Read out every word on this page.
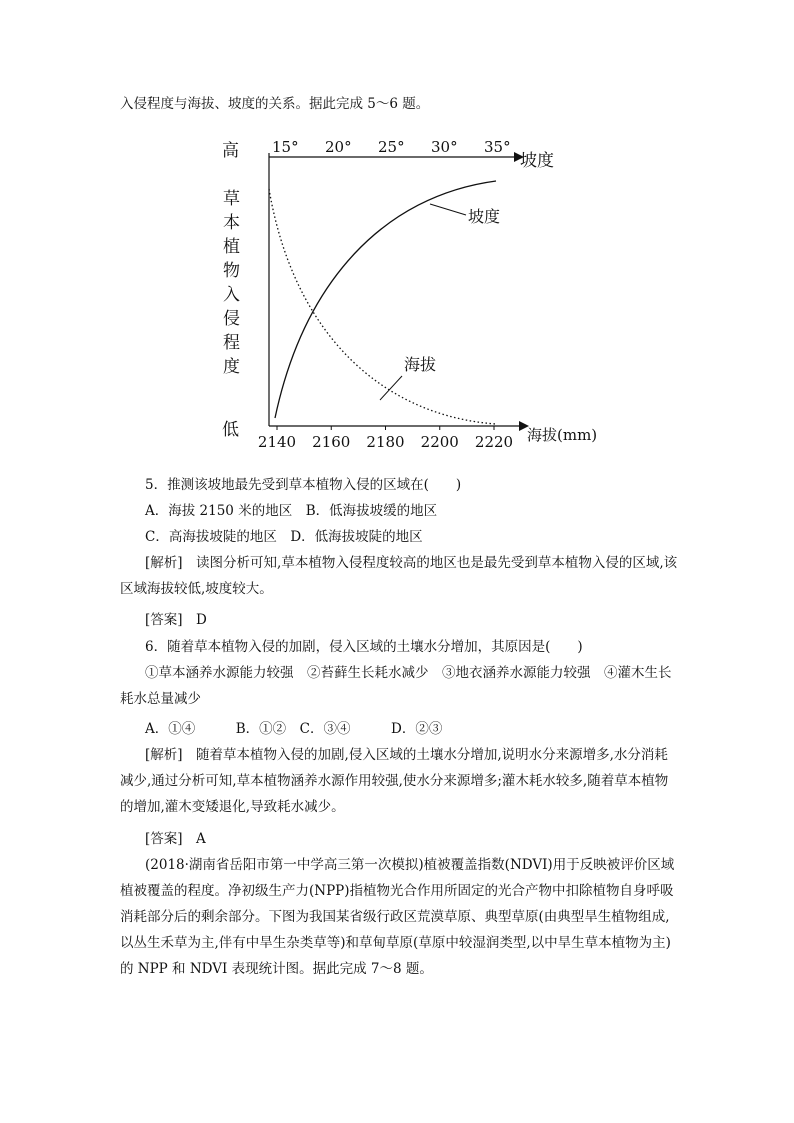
入侵程度与海拔、坡度的关系。据此完成 5～6 题。
高
草
本
植
物
入
侵
程
度
低
15° 20° 25° 30° 35°
2140 2160 2180 2200 2220
坡度
海拔(mm)
坡度
海拔
5．推测该坡地最先受到草本植物入侵的区域在(　　)
A．海拔 2150 米的地区　B．低海拔坡缓的地区
C．高海拔坡陡的地区　D．低海拔坡陡的地区
[解析]　读图分析可知,草本植物入侵程度较高的地区也是最先受到草本植物入侵的区域,该区域海拔较低,坡度较大。
[答案]　D
6．随着草本植物入侵的加剧，侵入区域的土壤水分增加，其原因是(　　)
①草本涵养水源能力较强　②苔藓生长耗水减少　③地衣涵养水源能力较强　④灌木生长耗水总量减少
A．①④　　　B．①②　C．③④　　　D．②③
[解析]　随着草本植物入侵的加剧,侵入区域的土壤水分增加,说明水分来源增多,水分消耗减少,通过分析可知,草本植物涵养水源作用较强,使水分来源增多;灌木耗水较多,随着草本植物的增加,灌木变矮退化,导致耗水减少。
[答案]　A
(2018·湖南省岳阳市第一中学高三第一次模拟)植被覆盖指数(NDVI)用于反映被评价区域植被覆盖的程度。净初级生产力(NPP)指植物光合作用所固定的光合产物中扣除植物自身呼吸消耗部分后的剩余部分。下图为我国某省级行政区荒漠草原、典型草原(由典型旱生植物组成,以丛生禾草为主,伴有中旱生杂类草等)和草甸草原(草原中较湿润类型,以中旱生草本植物为主)的 NPP 和 NDVI 表现统计图。据此完成 7～8 题。
